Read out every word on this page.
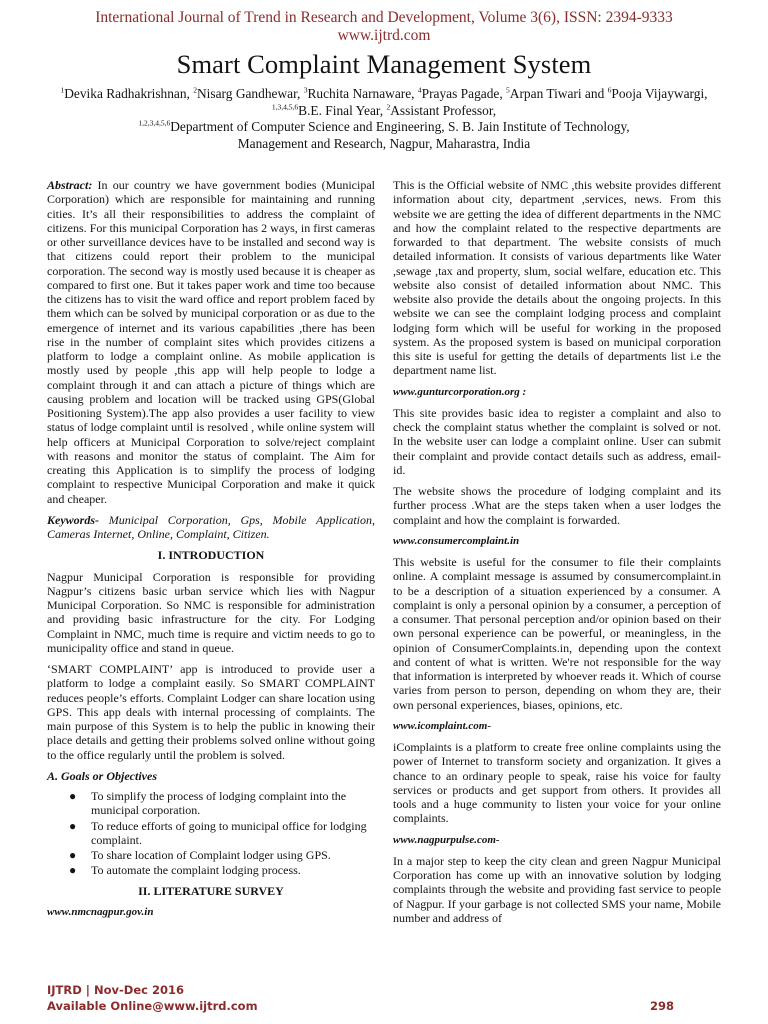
International Journal of Trend in Research and Development, Volume 3(6), ISSN: 2394-9333
www.ijtrd.com
Smart Complaint Management System
$^1$Devika Radhakrishnan, $^2$Nisarg Gandhewar, $^3$Ruchita Narnaware, $^4$Prayas Pagade, $^5$Arpan Tiwari and $^6$Pooja Vijaywargi,
$^{1,3,4,5,6}$B.E. Final Year, $^2$Assistant Professor,
$^{1,2,3,4,5,6}$Department of Computer Science and Engineering, S. B. Jain Institute of Technology,
Management and Research, Nagpur, Maharastra, India

Abstract: In our country we have government bodies (Municipal Corporation) which are responsible for maintaining and running cities. It’s all their responsibilities to address the complaint of citizens. For this municipal Corporation has 2 ways, in first cameras or other surveillance devices have to be installed and second way is that citizens could report their problem to the municipal corporation. The second way is mostly used because it is cheaper as compared to first one. But it takes paper work and time too because the citizens has to visit the ward office and report problem faced by them which can be solved by municipal corporation or as due to the emergence of internet and its various capabilities ,there has been rise in the number of complaint sites which provides citizens a platform to lodge a complaint online. As mobile application is mostly used by people ,this app will help people to lodge a complaint through it and can attach a picture of things which are causing problem and location will be tracked using GPS(Global Positioning System).The app also provides a user facility to view status of lodge complaint until is resolved , while online system will help officers at Municipal Corporation to solve/reject complaint with reasons and monitor the status of complaint. The Aim for creating this Application is to simplify the process of lodging complaint to respective Municipal Corporation and make it quick and cheaper.

Keywords- Municipal Corporation, Gps, Mobile Application, Cameras Internet, Online, Complaint, Citizen.

I. INTRODUCTION

Nagpur Municipal Corporation is responsible for providing Nagpur’s citizens basic urban service which lies with Nagpur Municipal Corporation. So NMC is responsible for administration and providing basic infrastructure for the city. For Lodging Complaint in NMC, much time is require and victim needs to go to municipality office and stand in queue.

‘SMART COMPLAINT’ app is introduced to provide user a platform to lodge a complaint easily. So SMART COMPLAINT reduces people’s efforts. Complaint Lodger can share location using GPS. This app deals with internal processing of complaints. The main purpose of this System is to help the public in knowing their place details and getting their problems solved online without going to the office regularly until the problem is solved.

A. Goals or Objectives
● To simplify the process of lodging complaint into the municipal corporation.
● To reduce efforts of going to municipal office for lodging complaint.
● To share location of Complaint lodger using GPS.
● To automate the complaint lodging process.
II. LITERATURE SURVEY
www.nmcnagpur.gov.in

This is the Official website of NMC ,this website provides different information about city, department ,services, news. From this website we are getting the idea of different departments in the NMC and how the complaint related to the respective departments are forwarded to that department. The website consists of much detailed information. It consists of various departments like Water ,sewage ,tax and property, slum, social welfare, education etc. This website also consist of detailed information about NMC. This website also provide the details about the ongoing projects. In this website we can see the complaint lodging process and complaint lodging form which will be useful for working in the proposed system. As the proposed system is based on municipal corporation this site is useful for getting the details of departments list i.e the department name list.

www.gunturcorporation.org :

This site provides basic idea to register a complaint and also to check the complaint status whether the complaint is solved or not. In the website user can lodge a complaint online. User can submit their complaint and provide contact details such as address, email-id.

The website shows the procedure of lodging complaint and its further process .What are the steps taken when a user lodges the complaint and how the complaint is forwarded.

www.consumercomplaint.in

This website is useful for the consumer to file their complaints online. A complaint message is assumed by consumercomplaint.in to be a description of a situation experienced by a consumer. A complaint is only a personal opinion by a consumer, a perception of a consumer. That personal perception and/or opinion based on their own personal experience can be powerful, or meaningless, in the opinion of ConsumerComplaints.in, depending upon the context and content of what is written. We're not responsible for the way that information is interpreted by whoever reads it. Which of course varies from person to person, depending on whom they are, their own personal experiences, biases, opinions, etc.

www.icomplaint.com-

iComplaints is a platform to create free online complaints using the power of Internet to transform society and organization. It gives a chance to an ordinary people to speak, raise his voice for faulty services or products and get support from others. It provides all tools and a huge community to listen your voice for your online complaints.

www.nagpurpulse.com-

In a major step to keep the city clean and green Nagpur Municipal Corporation has come up with an innovative solution by lodging complaints through the website and providing fast service to people of Nagpur. If your garbage is not collected SMS your name, Mobile number and address of

IJTRD | Nov-Dec 2016
Available Online@www.ijtrd.com	298
